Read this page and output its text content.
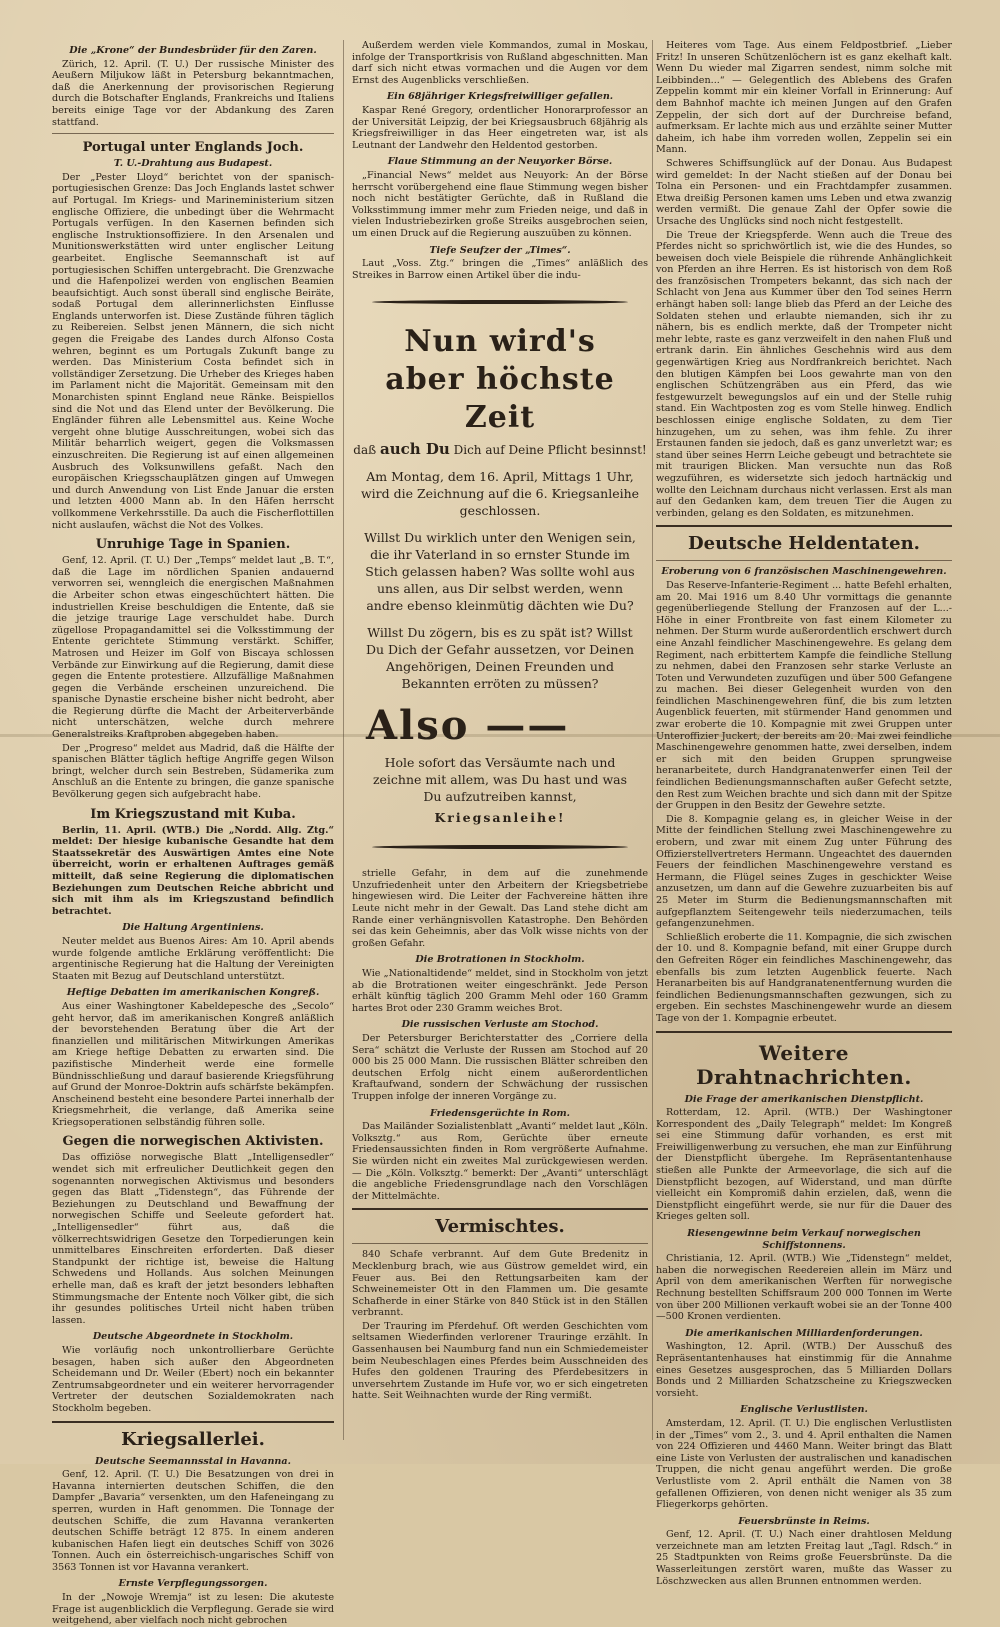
Die „Krone“ der Bundesbrüder für den Zaren.

Zürich, 12. April. (T. U.) Der russische Minister des Aeußern Miljukow läßt in Petersburg bekanntmachen, daß die Anerkennung der provisorischen Regierung durch die Botschafter Englands, Frankreichs und Italiens bereits einige Tage vor der Abdankung des Zaren stattfand.

Portugal unter Englands Joch.
T. U.-Drahtung aus Budapest.

Der „Pester Lloyd“ berichtet von der spanisch-portugiesischen Grenze: Das Joch Englands lastet schwer auf Portugal. Im Kriegs- und Marineministerium sitzen englische Offiziere, die unbedingt über die Wehrmacht Portugals verfügen. In den Kasernen befinden sich englische Instruktionsoffiziere. In den Arsenalen und Munitionswerkstätten wird unter englischer Leitung gearbeitet. Englische Seemannschaft ist auf portugiesischen Schiffen untergebracht. Die Grenzwache und die Hafenpolizei werden von englischen Beamien beaufsichtigt. Auch sonst überall sind englische Beiräte, sodaß Portugal dem allerinnerlichsten Einflusse Englands unterworfen ist. Diese Zustände führen täglich zu Reibereien. Selbst jenen Männern, die sich nicht gegen die Freigabe des Landes durch Alfonso Costa wehren, beginnt es um Portugals Zukunft bange zu werden. Das Ministerium Costa befindet sich in vollständiger Zersetzung. Die Urheber des Krieges haben im Parlament nicht die Majorität. Gemeinsam mit den Monarchisten spinnt England neue Ränke. Beispiellos sind die Not und das Elend unter der Bevölkerung. Die Engländer führen alle Lebensmittel aus. Keine Woche vergeht ohne blutige Ausschreitungen, wobei sich das Militär beharrlich weigert, gegen die Volksmassen einzuschreiten. Die Regierung ist auf einen allgemeinen Ausbruch des Volksunwillens gefaßt. Nach den europäischen Kriegsschauplätzen gingen auf Umwegen und durch Anwendung von List Ende Januar die ersten und letzten 4000 Mann ab. In den Häfen herrscht vollkommene Verkehrsstille. Da auch die Fischerflottillen nicht auslaufen, wächst die Not des Volkes.

Unruhige Tage in Spanien.

Genf, 12. April. (T. U.) Der „Temps“ meldet laut „B. T.“, daß die Lage im nördlichen Spanien andauernd verworren sei, wenngleich die energischen Maßnahmen die Arbeiter schon etwas eingeschüchtert hätten. Die industriellen Kreise beschuldigen die Entente, daß sie die jetzige traurige Lage verschuldet habe. Durch zügellose Propagandamittel sei die Volksstimmung der Entente gerichtete Stimmung verstärkt. Schiffer, Matrosen und Heizer im Golf von Biscaya schlossen Verbände zur Einwirkung auf die Regierung, damit diese gegen die Entente protestiere. Allzufällige Maßnahmen gegen die Verbände erscheinen unzureichend. Die spanische Dynastie erscheine bisher nicht bedroht, aber die Regierung dürfte die Macht der Arbeiterverbände nicht unterschätzen, welche durch mehrere Generalstreiks Kraftproben abgegeben haben.

Der „Progreso“ meldet aus Madrid, daß die Hälfte der spanischen Blätter täglich heftige Angriffe gegen Wilson bringt, welcher durch sein Bestreben, Südamerika zum Anschluß an die Entente zu bringen, die ganze spanische Bevölkerung gegen sich aufgebracht habe.

Im Kriegszustand mit Kuba.

Berlin, 11. April. (WTB.) Die „Nordd. Allg. Ztg.“ meldet: Der hiesige kubanische Gesandte hat dem Staatssekretär des Auswärtigen Amtes eine Note überreicht, worin er erhaltenen Auftrages gemäß mitteilt, daß seine Regierung die diplomatischen Beziehungen zum Deutschen Reiche abbricht und sich mit ihm als im Kriegszustand befindlich betrachtet.

Die Haltung Argentiniens.

Neuter meldet aus Buenos Aires: Am 10. April abends wurde folgende amtliche Erklärung veröffentlicht: Die argentinische Regierung hat die Haltung der Vereinigten Staaten mit Bezug auf Deutschland unterstützt.

Heftige Debatten im amerikanischen Kongreß.

Aus einer Washingtoner Kabeldepesche des „Secolo“ geht hervor, daß im amerikanischen Kongreß anläßlich der bevorstehenden Beratung über die Art der finanziellen und militärischen Mitwirkungen Amerikas am Kriege heftige Debatten zu erwarten sind. Die pazifistische Minderheit werde eine formelle Bündnisschließung und darauf basierende Kriegsführung auf Grund der Monroe-Doktrin aufs schärfste bekämpfen. Anscheinend besteht eine besondere Partei innerhalb der Kriegsmehrheit, die verlange, daß Amerika seine Kriegsoperationen selbständig führen solle.

Gegen die norwegischen Aktivisten.

Das offiziöse norwegische Blatt „Intelligensedler“ wendet sich mit erfreulicher Deutlichkeit gegen den sogenannten norwegischen Aktivismus und besonders gegen das Blatt „Tidenstegn“, das Führende der Beziehungen zu Deutschland und Bewaffnung der norwegischen Schiffe und Seeleute gefordert hat. „Intelligensedler“ führt aus, daß die völkerrechtswidrigen Gesetze den Torpedierungen kein unmittelbares Einschreiten erforderten. Daß dieser Standpunkt der richtige ist, beweise die Haltung Schwedens und Hollands. Aus solchen Meinungen erhelle man, daß es kraft der jetzt besonders lebhaften Stimmungsmache der Entente noch Völker gibt, die sich ihr gesundes politisches Urteil nicht haben trüben lassen.

Deutsche Abgeordnete in Stockholm.

Wie vorläufig noch unkontrollierbare Gerüchte besagen, haben sich außer den Abgeordneten Scheidemann und Dr. Weiler (Ebert) noch ein bekannter Zentrumsabgeordneter und ein weiterer hervorragender Vertreter der deutschen Sozialdemokraten nach Stockholm begeben.

Kriegsallerlei.
Deutsche Seemannsstal in Havanna.

Genf, 12. April. (T. U.) Die Besatzungen von drei in Havanna internierten deutschen Schiffen, die den Dampfer „Bavaria“ versenkten, um den Hafeneingang zu sperren, wurden in Haft genommen. Die Tonnage der deutschen Schiffe, die zum Havanna verankerten deutschen Schiffe beträgt 12 875. In einem anderen kubanischen Hafen liegt ein deutsches Schiff von 3026 Tonnen. Auch ein österreichisch-ungarisches Schiff von 3563 Tonnen ist vor Havanna verankert.

Ernste Verpflegungssorgen.

In der „Nowoje Wremja“ ist zu lesen: Die akuteste Frage ist augenblicklich die Verpflegung. Gerade sie wird weitgehend, aber vielfach noch nicht gebrochen

Außerdem werden viele Kommandos, zumal in Moskau, infolge der Transportkrisis von Rußland abgeschnitten. Man darf sich nicht etwas vormachen und die Augen vor dem Ernst des Augenblicks verschließen.

Ein 68jähriger Kriegsfreiwilliger gefallen.

Kaspar René Gregory, ordentlicher Honorarprofessor an der Universität Leipzig, der bei Kriegsausbruch 68jährig als Kriegsfreiwilliger in das Heer eingetreten war, ist als Leutnant der Landwehr den Heldentod gestorben.

Flaue Stimmung an der Neuyorker Börse.

„Financial News“ meldet aus Neuyork: An der Börse herrscht vorübergehend eine flaue Stimmung wegen bisher noch nicht bestätigter Gerüchte, daß in Rußland die Volksstimmung immer mehr zum Frieden neige, und daß in vielen Industriebezirken große Streiks ausgebrochen seien, um einen Druck auf die Regierung auszuüben zu können.

Tiefe Seufzer der „Times“.

Laut „Voss. Ztg.“ bringen die „Times“ anläßlich des Streikes in Barrow einen Artikel über die indu-

Nun wird's
aber höchste Zeit
daß auch Du Dich auf Deine Pflicht besinnst!
Am Montag, dem 16. April, Mittags 1 Uhr, wird die Zeichnung auf die 6. Kriegsanleihe geschlossen.
Willst Du wirklich unter den Wenigen sein, die ihr Vaterland in so ernster Stunde im Stich gelassen haben? Was sollte wohl aus uns allen, aus Dir selbst werden, wenn andre ebenso kleinmütig dächten wie Du?
Willst Du zögern, bis es zu spät ist? Willst Du Dich der Gefahr aussetzen, vor Deinen Angehörigen, Deinen Freunden und Bekannten erröten zu müssen?
Also ——
Hole sofort das Versäumte nach und zeichne mit allem, was Du hast und was Du aufzutreiben kannst,
Kriegsanleihe!

strielle Gefahr, in dem auf die zunehmende Unzufriedenheit unter den Arbeitern der Kriegsbetriebe hingewiesen wird. Die Leiter der Fachvereine hätten ihre Leute nicht mehr in der Gewalt. Das Land stehe dicht am Rande einer verhängnisvollen Katastrophe. Den Behörden sei das kein Geheimnis, aber das Volk wisse nichts von der großen Gefahr.

Die Brotrationen in Stockholm.

Wie „Nationaltidende“ meldet, sind in Stockholm von jetzt ab die Brotrationen weiter eingeschränkt. Jede Person erhält künftig täglich 200 Gramm Mehl oder 160 Gramm hartes Brot oder 230 Gramm weiches Brot.

Die russischen Verluste am Stochod.

Der Petersburger Berichterstatter des „Corriere della Sera“ schätzt die Verluste der Russen am Stochod auf 20 000 bis 25 000 Mann. Die russischen Blätter schreiben den deutschen Erfolg nicht einem außerordentlichen Kraftaufwand, sondern der Schwächung der russischen Truppen infolge der inneren Vorgänge zu.

Friedensgerüchte in Rom.

Das Mailänder Sozialistenblatt „Avanti“ meldet laut „Köln. Volksztg.“ aus Rom, Gerüchte über erneute Friedensaussichten finden in Rom vergrößerte Aufnahme. Sie würden nicht ein zweites Mal zurückgewiesen werden. — Die „Köln. Volksztg.“ bemerkt: Der „Avanti“ unterschlägt die angebliche Friedensgrundlage nach den Vorschlägen der Mittelmächte.

Vermischtes.

840 Schafe verbrannt. Auf dem Gute Bredenitz in Mecklenburg brach, wie aus Güstrow gemeldet wird, ein Feuer aus. Bei den Rettungsarbeiten kam der Schweinemeister Ott in den Flammen um. Die gesamte Schafherde in einer Stärke von 840 Stück ist in den Ställen verbrannt.

Der Trauring im Pferdehuf. Oft werden Geschichten vom seltsamen Wiederfinden verlorener Trauringe erzählt. In Gassenhausen bei Naumburg fand nun ein Schmiedemeister beim Neubeschlagen eines Pferdes beim Ausschneiden des Hufes den goldenen Trauring des Pferdebesitzers in unversehrtem Zustande im Hufe vor, wo er sich eingetreten hatte. Seit Weihnachten wurde der Ring vermißt.

Heiteres vom Tage. Aus einem Feldpostbrief. „Lieber Fritz! In unseren Schützenlöchern ist es ganz ekelhaft kalt. Wenn Du wieder mal Zigarren sendest, nimm solche mit Leibbinden...“ — Gelegentlich des Ablebens des Grafen Zeppelin kommt mir ein kleiner Vorfall in Erinnerung: Auf dem Bahnhof machte ich meinen Jungen auf den Grafen Zeppelin, der sich dort auf der Durchreise befand, aufmerksam. Er lachte mich aus und erzählte seiner Mutter daheim, ich habe ihm vorreden wollen, Zeppelin sei ein Mann.

Schweres Schiffsunglück auf der Donau. Aus Budapest wird gemeldet: In der Nacht stießen auf der Donau bei Tolna ein Personen- und ein Frachtdampfer zusammen. Etwa dreißig Personen kamen ums Leben und etwa zwanzig werden vermißt. Die genaue Zahl der Opfer sowie die Ursache des Unglücks sind noch nicht festgestellt.

Die Treue der Kriegspferde. Wenn auch die Treue des Pferdes nicht so sprichwörtlich ist, wie die des Hundes, so beweisen doch viele Beispiele die rührende Anhänglichkeit von Pferden an ihre Herren. Es ist historisch von dem Roß des französischen Trompeters bekannt, das sich nach der Schlacht von Jena aus Kummer über den Tod seines Herrn erhängt haben soll: lange blieb das Pferd an der Leiche des Soldaten stehen und erlaubte niemanden, sich ihr zu nähern, bis es endlich merkte, daß der Trompeter nicht mehr lebte, raste es ganz verzweifelt in den nahen Fluß und ertrank darin. Ein ähnliches Geschehnis wird aus dem gegenwärtigen Krieg aus Nordfrankreich berichtet. Nach den blutigen Kämpfen bei Loos gewahrte man von den englischen Schützengräben aus ein Pferd, das wie festgewurzelt bewegungslos auf ein und der Stelle ruhig stand. Ein Wachtposten zog es vom Stelle hinweg. Endlich beschlossen einige englische Soldaten, zu dem Tier hinzugehen, um zu sehen, was ihm fehle. Zu ihrer Erstaunen fanden sie jedoch, daß es ganz unverletzt war; es stand über seines Herrn Leiche gebeugt und betrachtete sie mit traurigen Blicken. Man versuchte nun das Roß wegzuführen, es widersetzte sich jedoch hartnäckig und wollte den Leichnam durchaus nicht verlassen. Erst als man auf den Gedanken kam, dem treuen Tier die Augen zu verbinden, gelang es den Soldaten, es mitzunehmen.

Deutsche Heldentaten.
Eroberung von 6 französischen Maschinengewehren.

Das Reserve-Infanterie-Regiment ... hatte Befehl erhalten, am 20. Mai 1916 um 8.40 Uhr vormittags die genannte gegenüberliegende Stellung der Franzosen auf der L...-Höhe in einer Frontbreite von fast einem Kilometer zu nehmen. Der Sturm wurde außerordentlich erschwert durch eine Anzahl feindlicher Maschinengewehre. Es gelang dem Regiment, nach erbittertem Kampfe die feindliche Stellung zu nehmen, dabei den Franzosen sehr starke Verluste an Toten und Verwundeten zuzufügen und über 500 Gefangene zu machen. Bei dieser Gelegenheit wurden von den feindlichen Maschinengewehren fünf, die bis zum letzten Augenblick feuerten, mit stürmender Hand genommen und zwar eroberte die 10. Kompagnie mit zwei Gruppen unter Unteroffizier Juckert, der bereits am 20. Mai zwei feindliche Maschinengewehre genommen hatte, zwei derselben, indem er sich mit den beiden Gruppen sprungweise heranarbeitete, durch Handgranatenwerfer einen Teil der feindlichen Bedienungsmannschaften außer Gefecht setzte, den Rest zum Weichen brachte und sich dann mit der Spitze der Gruppen in den Besitz der Gewehre setzte.

Die 8. Kompagnie gelang es, in gleicher Weise in der Mitte der feindlichen Stellung zwei Maschinengewehre zu erobern, und zwar mit einem Zug unter Führung des Offizierstellvertreters Hermann. Ungeachtet des dauernden Feuers der feindlichen Maschinengewehre verstand es Hermann, die Flügel seines Zuges in geschickter Weise anzusetzen, um dann auf die Gewehre zuzuarbeiten bis auf 25 Meter im Sturm die Bedienungsmannschaften mit aufgepflanztem Seitengewehr teils niederzumachen, teils gefangenzunehmen.

Schließlich eroberte die 11. Kompagnie, die sich zwischen der 10. und 8. Kompagnie befand, mit einer Gruppe durch den Gefreiten Röger ein feindliches Maschinengewehr, das ebenfalls bis zum letzten Augenblick feuerte. Nach Heranarbeiten bis auf Handgranatenentfernung wurden die feindlichen Bedienungsmannschaften gezwungen, sich zu ergeben. Ein sechstes Maschinengewehr wurde an diesem Tage von der 1. Kompagnie erbeutet.

Weitere Drahtnachrichten.
Die Frage der amerikanischen Dienstpflicht.

Rotterdam, 12. April. (WTB.) Der Washingtoner Korrespondent des „Daily Telegraph“ meldet: Im Kongreß sei eine Stimmung dafür vorhanden, es erst mit Freiwilligenwerbung zu versuchen, ehe man zur Einführung der Dienstpflicht übergehe. Im Repräsentantenhause stießen alle Punkte der Armeevorlage, die sich auf die Dienstpflicht bezogen, auf Widerstand, und man dürfte vielleicht ein Kompromiß dahin erzielen, daß, wenn die Dienstpflicht eingeführt werde, sie nur für die Dauer des Krieges gelten soll.

Riesengewinne beim Verkauf norwegischen Schiffstonnens.

Christiania, 12. April. (WTB.) Wie „Tidenstegn“ meldet, haben die norwegischen Reedereien allein im März und April von dem amerikanischen Werften für norwegische Rechnung bestellten Schiffsraum 200 000 Tonnen im Werte von über 200 Millionen verkauft wobei sie an der Tonne 400—500 Kronen verdienten.

Die amerikanischen Milliardenforderungen.

Washington, 12. April. (WTB.) Der Ausschuß des Repräsentantenhauses hat einstimmig für die Annahme eines Gesetzes ausgesprochen, das 5 Milliarden Dollars Bonds und 2 Milliarden Schatzscheine zu Kriegszwecken vorsieht.

Englische Verlustlisten.

Amsterdam, 12. April. (T. U.) Die englischen Verlustlisten in der „Times“ vom 2., 3. und 4. April enthalten die Namen von 224 Offizieren und 4460 Mann. Weiter bringt das Blatt eine Liste von Verlusten der australischen und kanadischen Truppen, die nicht genau angeführt werden. Die große Verlustliste vom 2. April enthält die Namen von 38 gefallenen Offizieren, von denen nicht weniger als 35 zum Fliegerkorps gehörten.

Feuersbrünste in Reims.

Genf, 12. April. (T. U.) Nach einer drahtlosen Meldung verzeichnete man am letzten Freitag laut „Tagl. Rdsch.“ in 25 Stadtpunkten von Reims große Feuersbrünste. Da die Wasserleitungen zerstört waren, mußte das Wasser zu Löschzwecken aus allen Brunnen entnommen werden.
